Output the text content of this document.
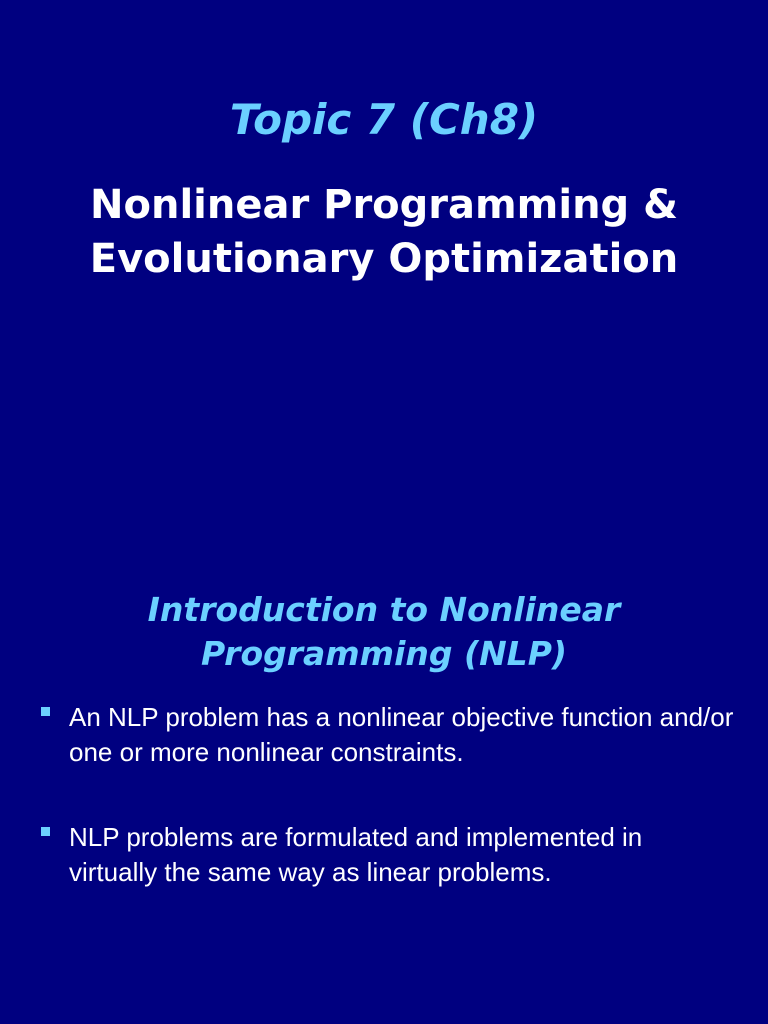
Topic 7 (Ch8)
Nonlinear Programming & Evolutionary Optimization
Introduction to Nonlinear Programming (NLP)
An NLP problem has a nonlinear objective function and/or one or more nonlinear constraints.
NLP problems are formulated and implemented in virtually the same way as linear problems.
